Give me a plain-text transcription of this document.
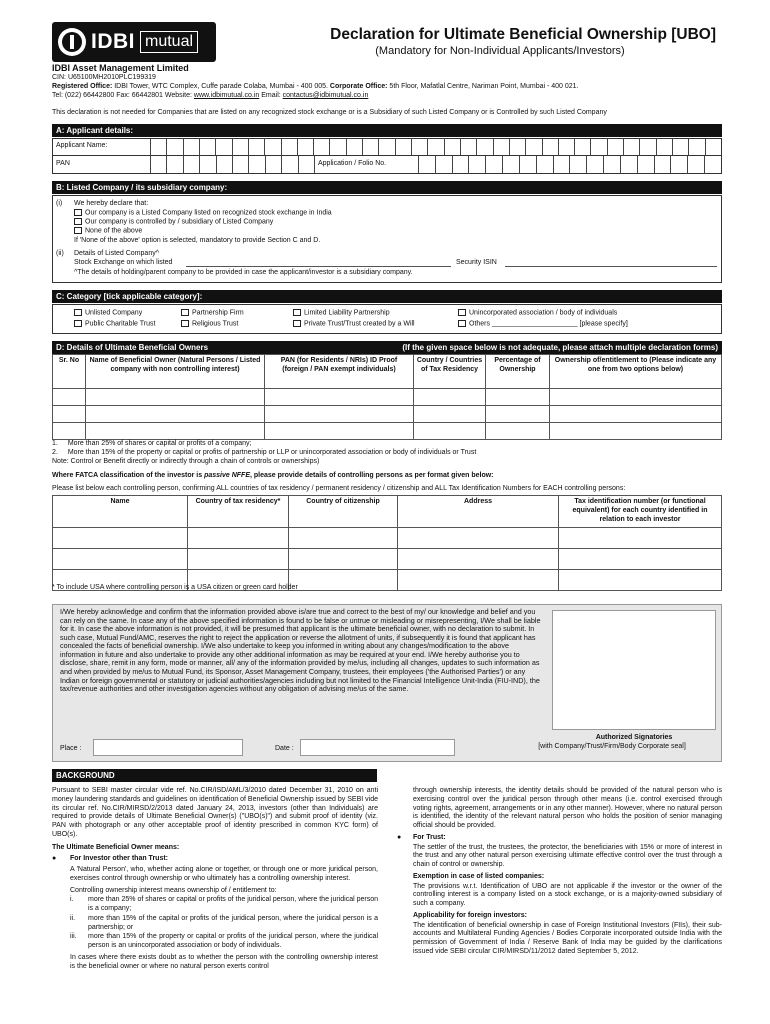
IDBI mutual	Declaration for Ultimate Beneficial Ownership [UBO]
(Mandatory for Non-Individual Applicants/Investors)
IDBI Asset Management Limited
CIN: U65100MH2010PLC199319
Registered Office: IDBI Tower, WTC Complex, Cuffe parade Colaba, Mumbai - 400 005. Corporate Office: 5th Floor, Mafatlal Centre, Nariman Point, Mumbai - 400 021.
Tel: (022) 66442800 Fax: 66442801 Website: www.idbimutual.co.in Email: contactus@idbimutual.co.in
This declaration is not needed for Companies that are listed on any recognized stock exchange or is a Subsidiary of such Listed Company or is Controlled by such Listed Company
A: Applicant details:
Applicant Name:
PAN	Application / Folio No.
B: Listed Company / its subsidiary company:
(i) We hereby declare that:
Our company is a Listed Company listed on recognized stock exchange in India
Our company is controlled by / subsidiary of Listed Company
None of the above
If 'None of the above' option is selected, mandatory to provide Section C and D.
(ii) Details of Listed Company^
Stock Exchange on which listed	Security ISIN
^The details of holding/parent company to be provided in case the applicant/investor is a subsidiary company.
C: Category [tick applicable category]:
Unlisted Company
Public Charitable Trust
Partnership Firm
Religious Trust
Limited Liability Partnership
Private Trust/Trust created by a Will
Unincorporated association / body of individuals
Others ______________________ [please specify]
D: Details of Ultimate Beneficial Owners	(If the given space below is not adequate, please attach multiple declaration forms)
Sr. No	Name of Beneficial Owner (Natural Persons / Listed company with non controlling interest)	PAN (for Residents / NRIs) ID Proof (foreign / PAN exempt individuals)	Country / Countries of Tax Residency	Percentage of Ownership	Ownership of/entitlement to (Please indicate any one from two options below)

1. More than 25% of shares or capital or profits of a company;
2. More than 15% of the property or capital or profits of partnership or LLP or unincorporated association or body of individuals or Trust
Note: Control or Benefit directly or indirectly through a chain of controls or ownerships)
Where FATCA classification of the investor is passive NFFE, please provide details of controlling persons as per format given below:
Please list below each controlling person, confirming ALL countries of tax residency / permanent residency / citizenship and ALL Tax Identification Numbers for EACH controlling persons:
Name	Country of tax residency*	Country of citizenship	Address	Tax identification number (or functional equivalent) for each country identified in relation to each investor

* To include USA where controlling person is a USA citizen or green card holder
I/We hereby acknowledge and confirm that the information provided above is/are true and correct to the best of my/ our knowledge and belief and you can rely on the same. In case any of the above specified information is found to be false or untrue or misleading or misrepresenting, I/We shall be liable for it. In case the above information is not provided, it will be presumed that applicant is the ultimate beneficial owner, with no declaration to submit. In such case, Mutual Fund/AMC, reserves the right to reject the application or reverse the allotment of units, if subsequently it is found that applicant has concealed the facts of beneficial ownership. I/We also undertake to keep you informed in writing about any changes/modification to the above information in future and also undertake to provide any other additional information as may be required at your end. I/We hereby authorise you to disclose, share, remit in any form, mode or manner, all/ any of the information provided by me/us, including all changes, updates to such information as and when provided by me/us to Mutual Fund, its Sponsor, Asset Management Company, trustees, their employees ('the Authorised Parties') or any Indian or foreign governmental or statutory or judicial authorities/agencies including but not limited to the Financial Intelligence Unit-India (FIU-IND), the tax/revenue authorities and other investigation agencies without any obligation of advising me/us of the same.
Authorized Signatories
[with Company/Trust/Firm/Body Corporate seal]
Place :	Date :
BACKGROUND

Pursuant to SEBI master circular vide ref. No.CIR/ISD/AML/3/2010 dated December 31, 2010 on anti money laundering standards and guidelines on identification of Beneficial Ownership issued by SEBI vide its circular ref. No.CIR/MIRSD/2/2013 dated January 24, 2013, investors (other than Individuals) are required to provide details of Ultimate Beneficial Owner(s) ("UBO(s)") and submit proof of identity (viz. PAN with photograph or any other acceptable proof of identity prescribed in common KYC form) of UBO(s).

The Ultimate Beneficial Owner means:

● For Investor other than Trust:

A 'Natural Person', who, whether acting alone or together, or through one or more juridical person, exercises control through ownership or who ultimately has a controlling ownership interest.

Controlling ownership interest means ownership of / entitlement to:

i. more than 25% of shares or capital or profits of the juridical person, where the juridical person is a company;
ii. more than 15% of the capital or profits of the juridical person, where the juridical person is a partnership; or
iii. more than 15% of the property or capital or profits of the juridical person, where the juridical person is an unincorporated association or body of individuals.

In cases where there exists doubt as to whether the person with the controlling ownership interest is the beneficial owner or where no natural person exerts control

through ownership interests, the identity details should be provided of the natural person who is exercising control over the juridical person through other means (i.e. control exercised through voting rights, agreement, arrangements or in any other manner). However, where no natural person is identified, the identity of the relevant natural person who holds the position of senior managing official should be provided.

● For Trust:

The settler of the trust, the trustees, the protector, the beneficiaries with 15% or more of interest in the trust and any other natural person exercising ultimate effective control over the trust through a chain of control or ownership.

Exemption in case of listed companies:

The provisions w.r.t. Identification of UBO are not applicable if the investor or the owner of the controlling interest is a company listed on a stock exchange, or is a majority-owned subsidiary of such a company.

Applicability for foreign investors:

The identification of beneficial ownership in case of Foreign Institutional Investors (FIIs), their sub-accounts and Multilateral Funding Agencies / Bodies Corporate incorporated outside India with the permission of Government of India / Reserve Bank of India may be guided by the clarifications issued vide SEBI circular CIR/MIRSD/11/2012 dated September 5, 2012.
